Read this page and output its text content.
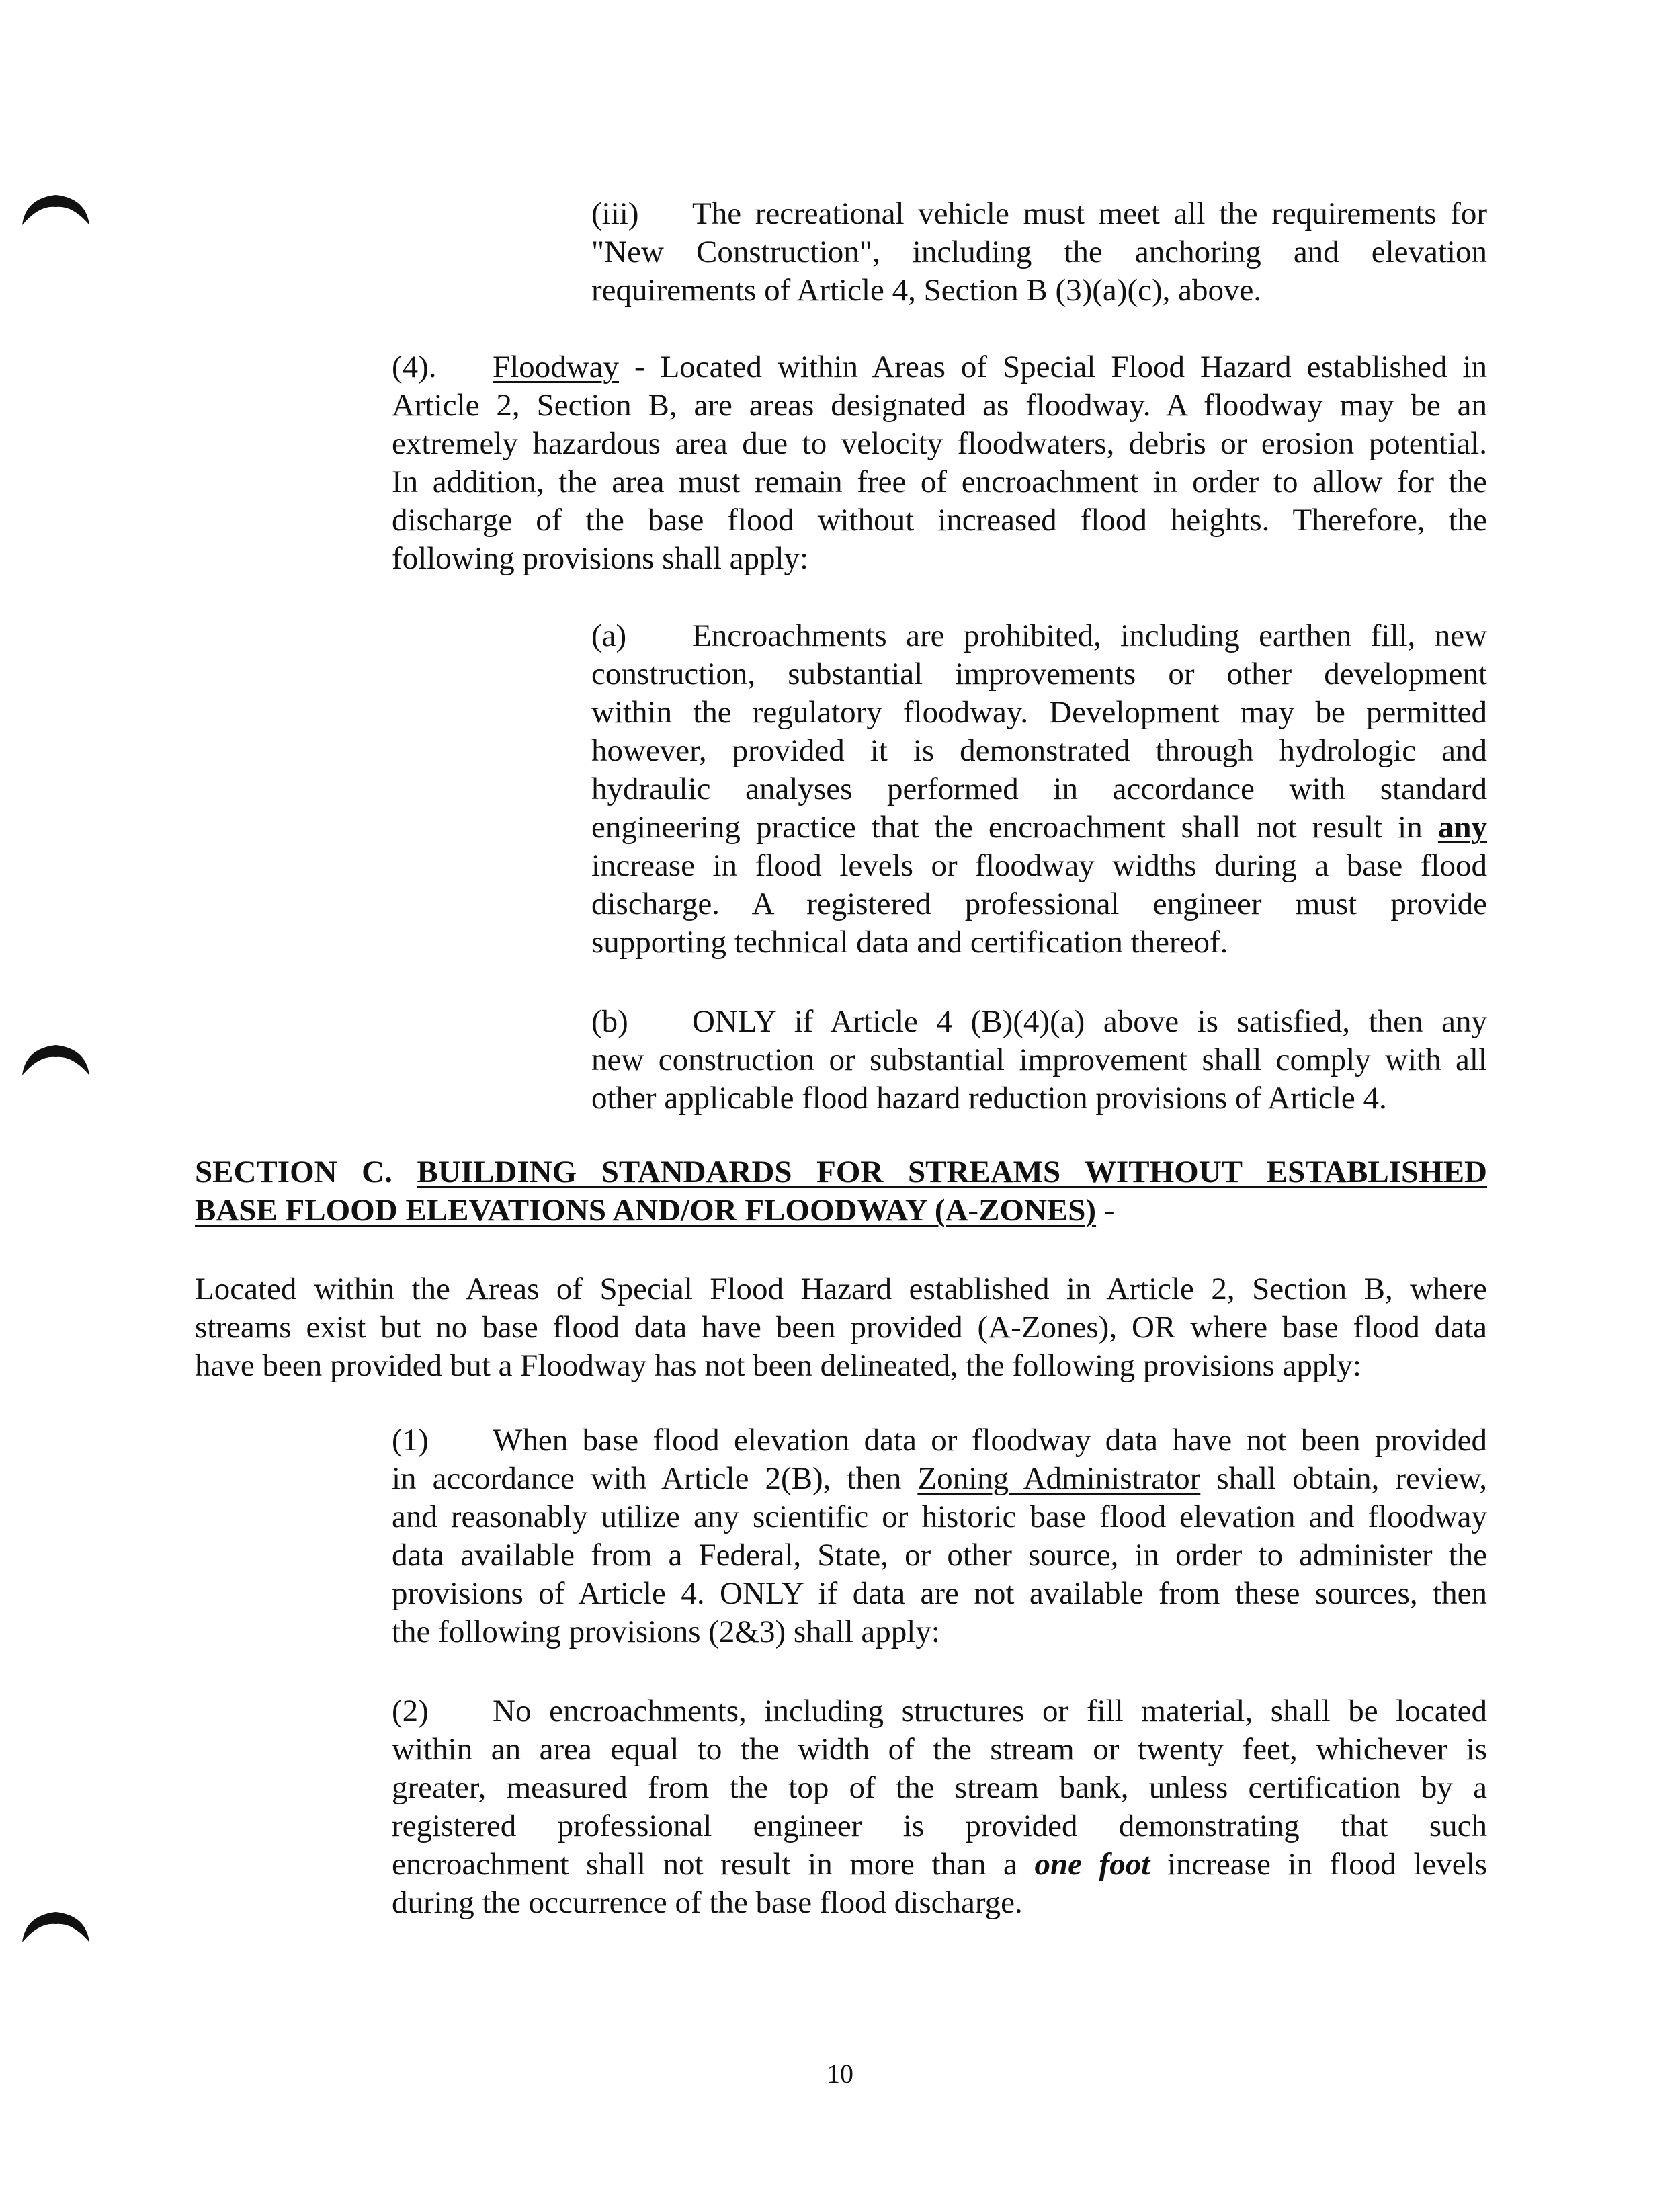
(iii) The recreational vehicle must meet all the requirements for
"New Construction", including the anchoring and elevation
requirements of Article 4, Section B (3)(a)(c), above.
(4). Floodway - Located within Areas of Special Flood Hazard established in
Article 2, Section B, are areas designated as floodway. A floodway may be an
extremely hazardous area due to velocity floodwaters, debris or erosion potential.
In addition, the area must remain free of encroachment in order to allow for the
discharge of the base flood without increased flood heights. Therefore, the
following provisions shall apply:
(a) Encroachments are prohibited, including earthen fill, new
construction, substantial improvements or other development
within the regulatory floodway. Development may be permitted
however, provided it is demonstrated through hydrologic and
hydraulic analyses performed in accordance with standard
engineering practice that the encroachment shall not result in any
increase in flood levels or floodway widths during a base flood
discharge. A registered professional engineer must provide
supporting technical data and certification thereof.
(b) ONLY if Article 4 (B)(4)(a) above is satisfied, then any
new construction or substantial improvement shall comply with all
other applicable flood hazard reduction provisions of Article 4.
SECTION C. BUILDING STANDARDS FOR STREAMS WITHOUT ESTABLISHED
BASE FLOOD ELEVATIONS AND/OR FLOODWAY (A-ZONES) -
Located within the Areas of Special Flood Hazard established in Article 2, Section B, where
streams exist but no base flood data have been provided (A-Zones), OR where base flood data
have been provided but a Floodway has not been delineated, the following provisions apply:
(1) When base flood elevation data or floodway data have not been provided
in accordance with Article 2(B), then Zoning Administrator shall obtain, review,
and reasonably utilize any scientific or historic base flood elevation and floodway
data available from a Federal, State, or other source, in order to administer the
provisions of Article 4. ONLY if data are not available from these sources, then
the following provisions (2&3) shall apply:
(2) No encroachments, including structures or fill material, shall be located
within an area equal to the width of the stream or twenty feet, whichever is
greater, measured from the top of the stream bank, unless certification by a
registered professional engineer is provided demonstrating that such
encroachment shall not result in more than a one foot increase in flood levels
during the occurrence of the base flood discharge.
10
